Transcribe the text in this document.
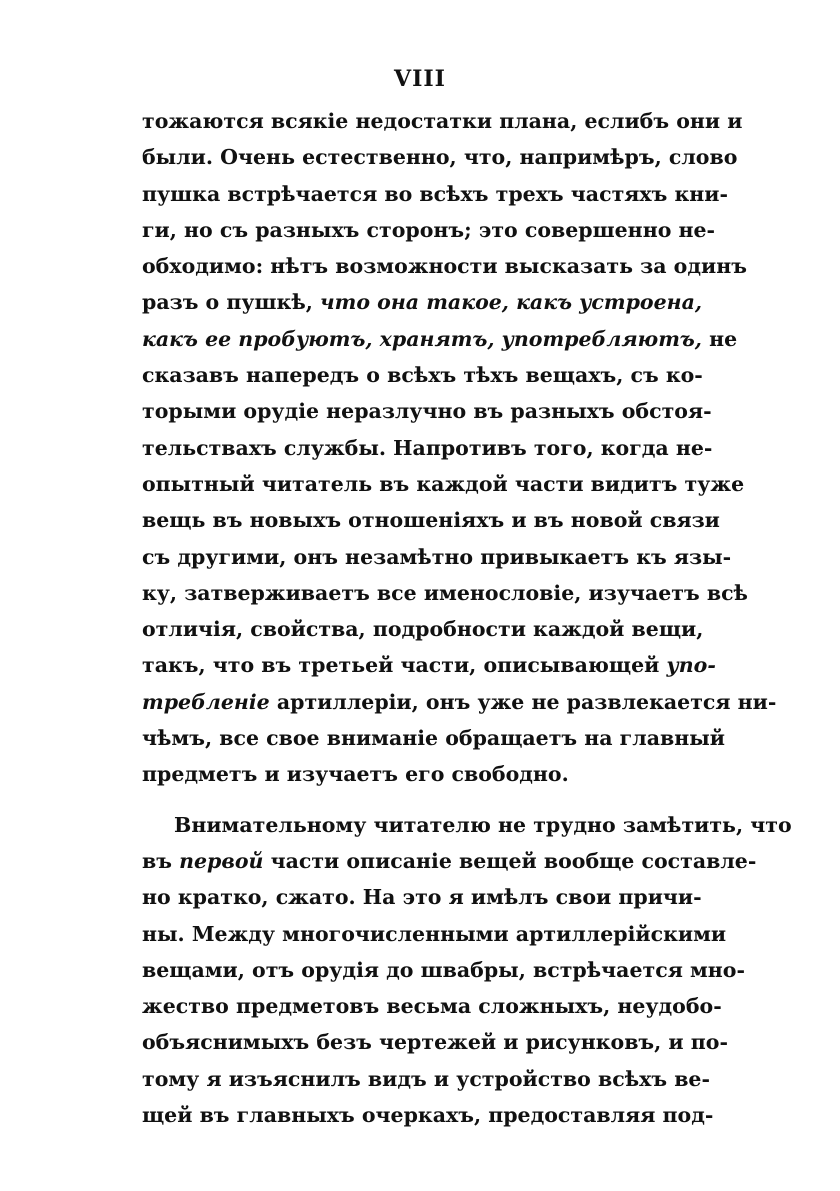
VIII
тожаются всякіе недостатки плана, еслибъ они и
были. Очень естественно, что, напримѣръ, слово
пушка встрѣчается во всѣхъ трехъ частяхъ кни-
ги, но съ разныхъ сторонъ; это совершенно не-
обходимо: нѣтъ возможности высказать за одинъ
разъ о пушкѣ, что она такое, какъ устроена,
какъ ее пробуютъ, хранятъ, употребляютъ, не
сказавъ напередъ о всѣхъ тѣхъ вещахъ, съ ко-
торыми орудіе неразлучно въ разныхъ обстоя-
тельствахъ службы. Напротивъ того, когда не-
опытный читатель въ каждой части видитъ туже
вещь въ новыхъ отношеніяхъ и въ новой связи
съ другими, онъ незамѣтно привыкаетъ къ язы-
ку, затверживаетъ все именословіе, изучаетъ всѣ
отличія, свойства, подробности каждой вещи,
такъ, что въ третьей части, описывающей упо-
требленіе артиллеріи, онъ уже не развлекается ни-
чѣмъ, все свое вниманіе обращаетъ на главный
предметъ и изучаетъ его свободно.
Внимательному читателю не трудно замѣтить, что
въ первой части описаніе вещей вообще составле-
но кратко, сжато. На это я имѣлъ свои причи-
ны. Между многочисленными артиллерійскими
вещами, отъ орудія до швабры, встрѣчается мно-
жество предметовъ весьма сложныхъ, неудобо-
объяснимыхъ безъ чертежей и рисунковъ, и по-
тому я изъяснилъ видъ и устройство всѣхъ ве-
щей въ главныхъ очеркахъ, предоставляя под-
